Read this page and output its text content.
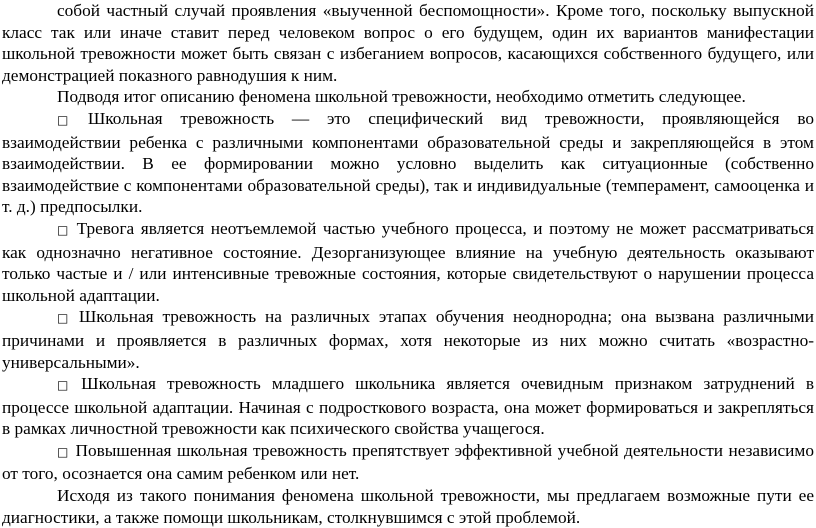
собой частный случай проявления «выученной беспомощности». Кроме того, поскольку выпускной класс так или иначе ставит перед человеком вопрос о его будущем, один их вариантов манифестации школьной тревожности может быть связан с избеганием вопросов, касающихся собственного будущего, или демонстрацией показного равнодушия к ним.

Подводя итог описанию феномена школьной тревожности, необходимо отметить следующее.

□ Школьная тревожность — это специфический вид тревожности, проявляющейся во взаимодействии ребенка с различными компонентами образовательной среды и закрепляющейся в этом взаимодействии. В ее формировании можно условно выделить как ситуационные (собственно взаимодействие с компонентами образовательной среды), так и индивидуальные (темперамент, самооценка и т. д.) предпосылки.

□ Тревога является неотъемлемой частью учебного процесса, и поэтому не может рассматриваться как однозначно негативное состояние. Дезорганизующее влияние на учебную деятельность оказывают только частые и / или интенсивные тревожные состояния, которые свидетельствуют о нарушении процесса школьной адаптации.

□ Школьная тревожность на различных этапах обучения неоднородна; она вызвана различными причинами и проявляется в различных формах, хотя некоторые из них можно считать «возрастно-универсальными».

□ Школьная тревожность младшего школьника является очевидным признаком затруднений в процессе школьной адаптации. Начиная с подросткового возраста, она может формироваться и закрепляться в рамках личностной тревожности как психического свойства учащегося.

□ Повышенная школьная тревожность препятствует эффективной учебной деятельности независимо от того, осознается она самим ребенком или нет.

Исходя из такого понимания феномена школьной тревожности, мы предлагаем возможные пути ее диагностики, а также помощи школьникам, столкнувшимся с этой проблемой.
